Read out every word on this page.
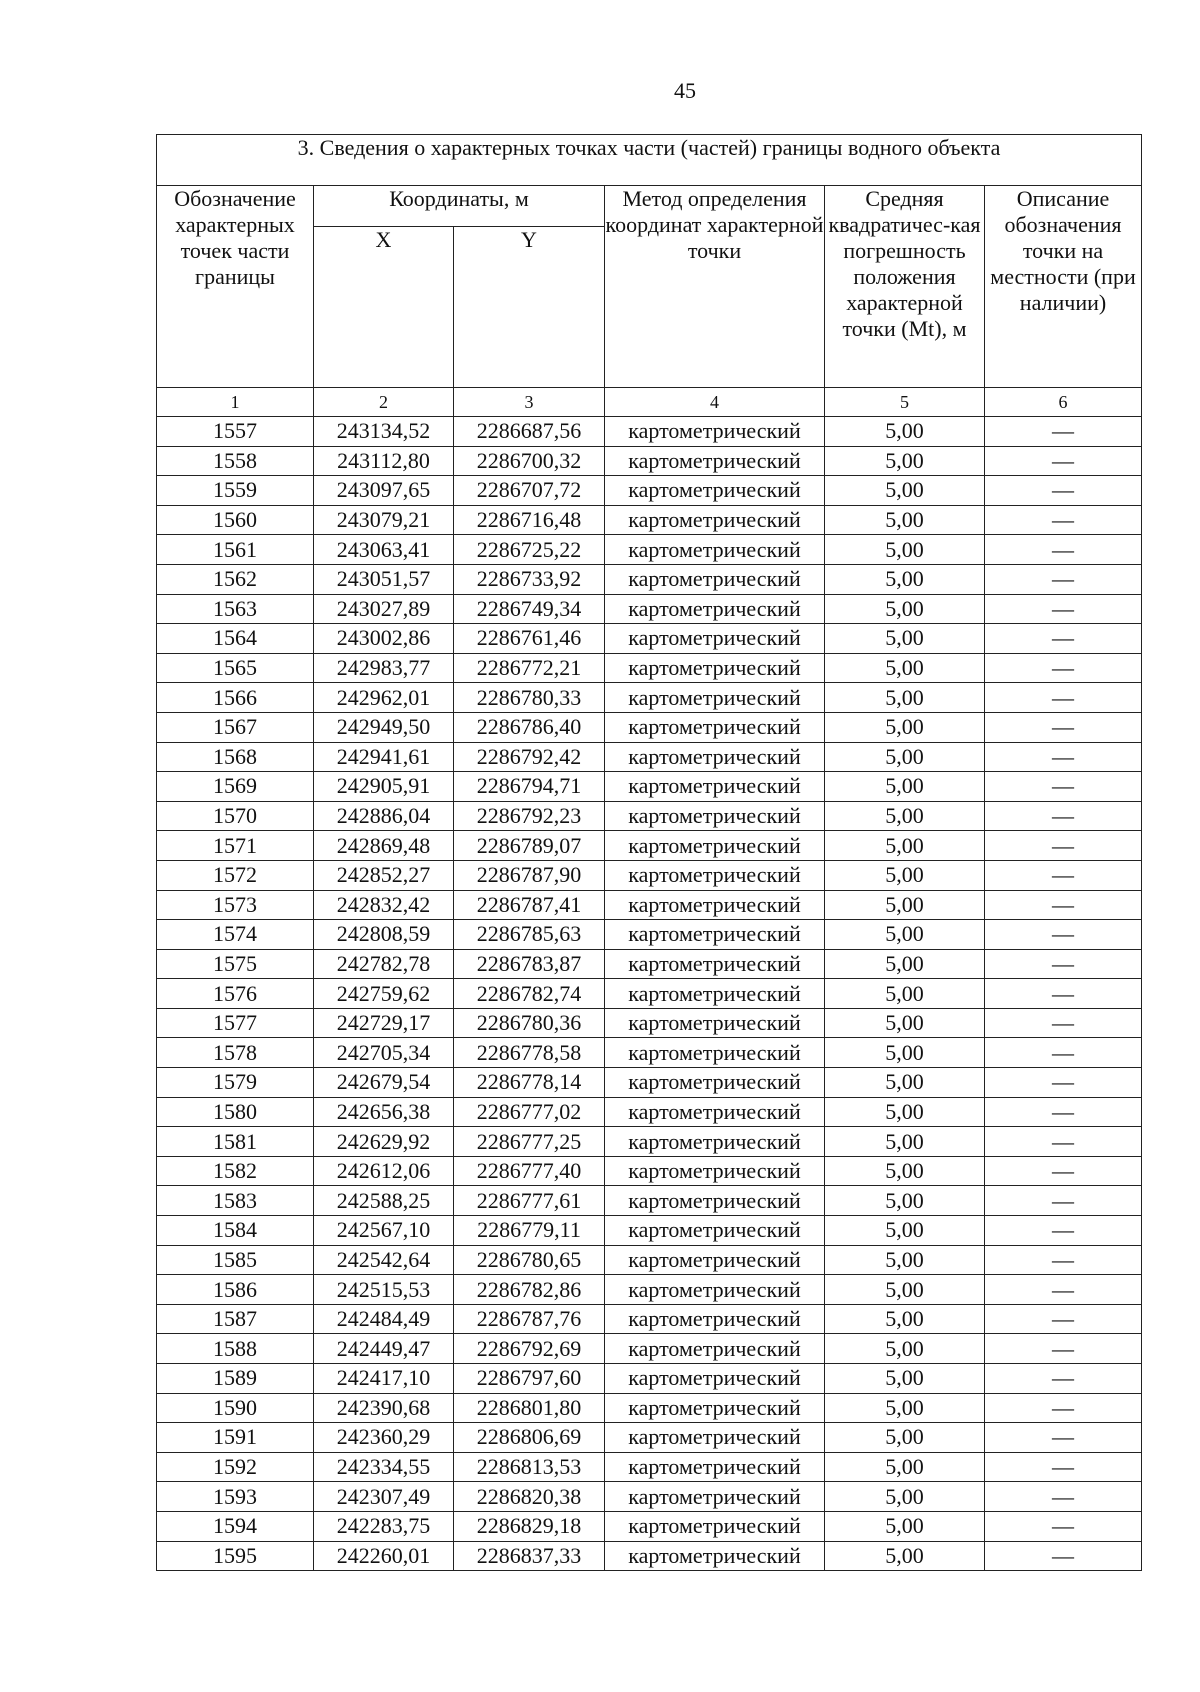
45
3. Сведения о характерных точках части (частей) границы водного объекта					
Обозначение характерных точек части границы	Координаты, м		Метод определения координат характерной точки	Средняя квадратичес-кая погрешность положения характерной точки (Mt), м	Описание обозначения точки на местности (при наличии)
	X	Y			
1	2	3	4	5	6
1557	243134,52	2286687,56	картометрический	5,00	—
1558	243112,80	2286700,32	картометрический	5,00	—
1559	243097,65	2286707,72	картометрический	5,00	—
1560	243079,21	2286716,48	картометрический	5,00	—
1561	243063,41	2286725,22	картометрический	5,00	—
1562	243051,57	2286733,92	картометрический	5,00	—
1563	243027,89	2286749,34	картометрический	5,00	—
1564	243002,86	2286761,46	картометрический	5,00	—
1565	242983,77	2286772,21	картометрический	5,00	—
1566	242962,01	2286780,33	картометрический	5,00	—
1567	242949,50	2286786,40	картометрический	5,00	—
1568	242941,61	2286792,42	картометрический	5,00	—
1569	242905,91	2286794,71	картометрический	5,00	—
1570	242886,04	2286792,23	картометрический	5,00	—
1571	242869,48	2286789,07	картометрический	5,00	—
1572	242852,27	2286787,90	картометрический	5,00	—
1573	242832,42	2286787,41	картометрический	5,00	—
1574	242808,59	2286785,63	картометрический	5,00	—
1575	242782,78	2286783,87	картометрический	5,00	—
1576	242759,62	2286782,74	картометрический	5,00	—
1577	242729,17	2286780,36	картометрический	5,00	—
1578	242705,34	2286778,58	картометрический	5,00	—
1579	242679,54	2286778,14	картометрический	5,00	—
1580	242656,38	2286777,02	картометрический	5,00	—
1581	242629,92	2286777,25	картометрический	5,00	—
1582	242612,06	2286777,40	картометрический	5,00	—
1583	242588,25	2286777,61	картометрический	5,00	—
1584	242567,10	2286779,11	картометрический	5,00	—
1585	242542,64	2286780,65	картометрический	5,00	—
1586	242515,53	2286782,86	картометрический	5,00	—
1587	242484,49	2286787,76	картометрический	5,00	—
1588	242449,47	2286792,69	картометрический	5,00	—
1589	242417,10	2286797,60	картометрический	5,00	—
1590	242390,68	2286801,80	картометрический	5,00	—
1591	242360,29	2286806,69	картометрический	5,00	—
1592	242334,55	2286813,53	картометрический	5,00	—
1593	242307,49	2286820,38	картометрический	5,00	—
1594	242283,75	2286829,18	картометрический	5,00	—
1595	242260,01	2286837,33	картометрический	5,00	—
